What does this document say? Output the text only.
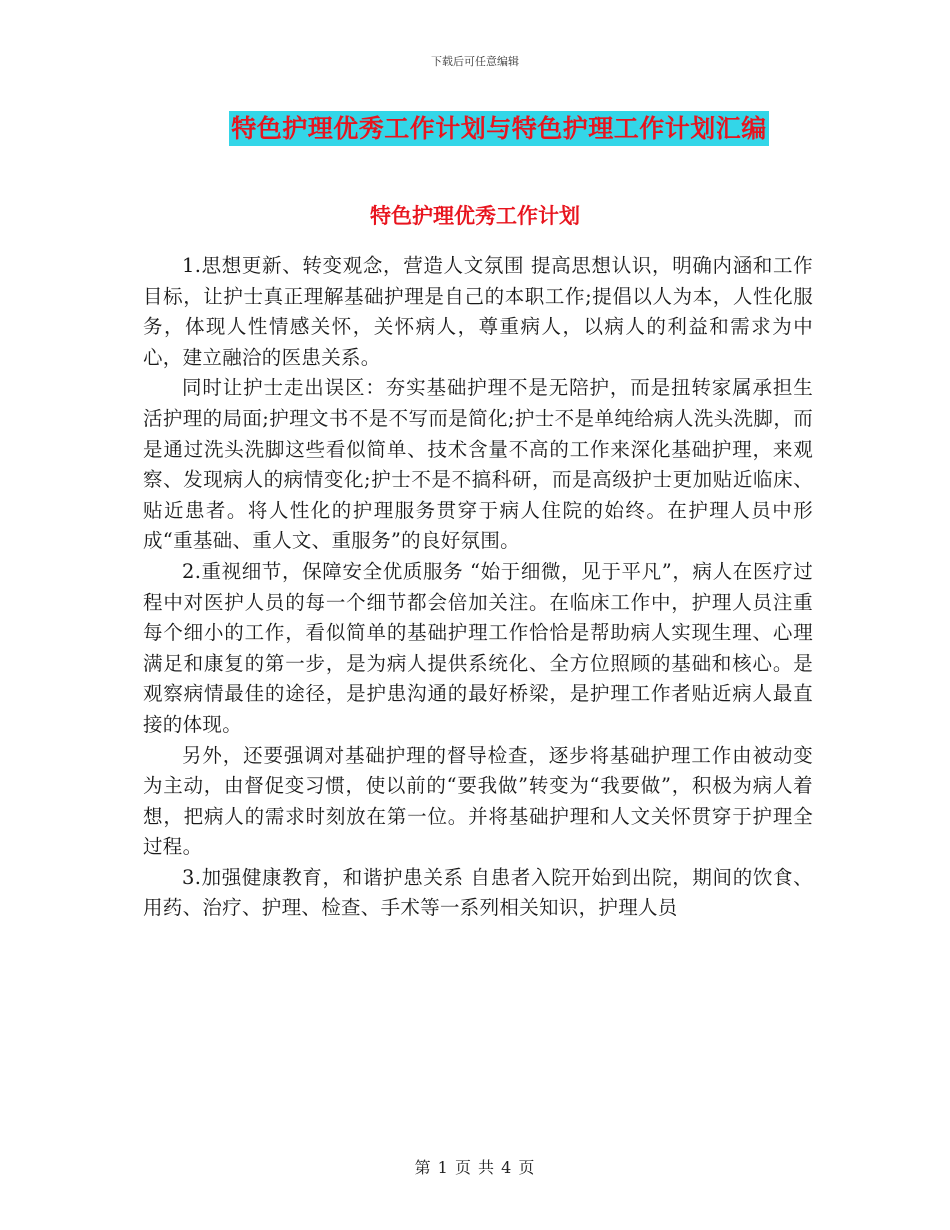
下载后可任意编辑
特色护理优秀工作计划与特色护理工作计划汇编
特色护理优秀工作计划

1.思想更新、转变观念，营造人文氛围 提高思想认识，明确内涵和工作目标，让护士真正理解基础护理是自己的本职工作;提倡以人为本，人性化服务，体现人性情感关怀，关怀病人，尊重病人，以病人的利益和需求为中心，建立融洽的医患关系。

同时让护士走出误区：夯实基础护理不是无陪护，而是扭转家属承担生活护理的局面;护理文书不是不写而是简化;护士不是单纯给病人洗头洗脚，而是通过洗头洗脚这些看似简单、技术含量不高的工作来深化基础护理，来观察、发现病人的病情变化;护士不是不搞科研，而是高级护士更加贴近临床、贴近患者。将人性化的护理服务贯穿于病人住院的始终。在护理人员中形成“重基础、重人文、重服务”的良好氛围。

2.重视细节，保障安全优质服务 “始于细微，见于平凡”，病人在医疗过程中对医护人员的每一个细节都会倍加关注。在临床工作中，护理人员注重每个细小的工作，看似简单的基础护理工作恰恰是帮助病人实现生理、心理满足和康复的第一步，是为病人提供系统化、全方位照顾的基础和核心。是观察病情最佳的途径，是护患沟通的最好桥梁，是护理工作者贴近病人最直接的体现。

另外，还要强调对基础护理的督导检查，逐步将基础护理工作由被动变为主动，由督促变习惯，使以前的“要我做”转变为“我要做”，积极为病人着想，把病人的需求时刻放在第一位。并将基础护理和人文关怀贯穿于护理全过程。

3.加强健康教育，和谐护患关系 自患者入院开始到出院，期间的饮食、用药、治疗、护理、检查、手术等一系列相关知识，护理人员

第 1 页 共 4 页
